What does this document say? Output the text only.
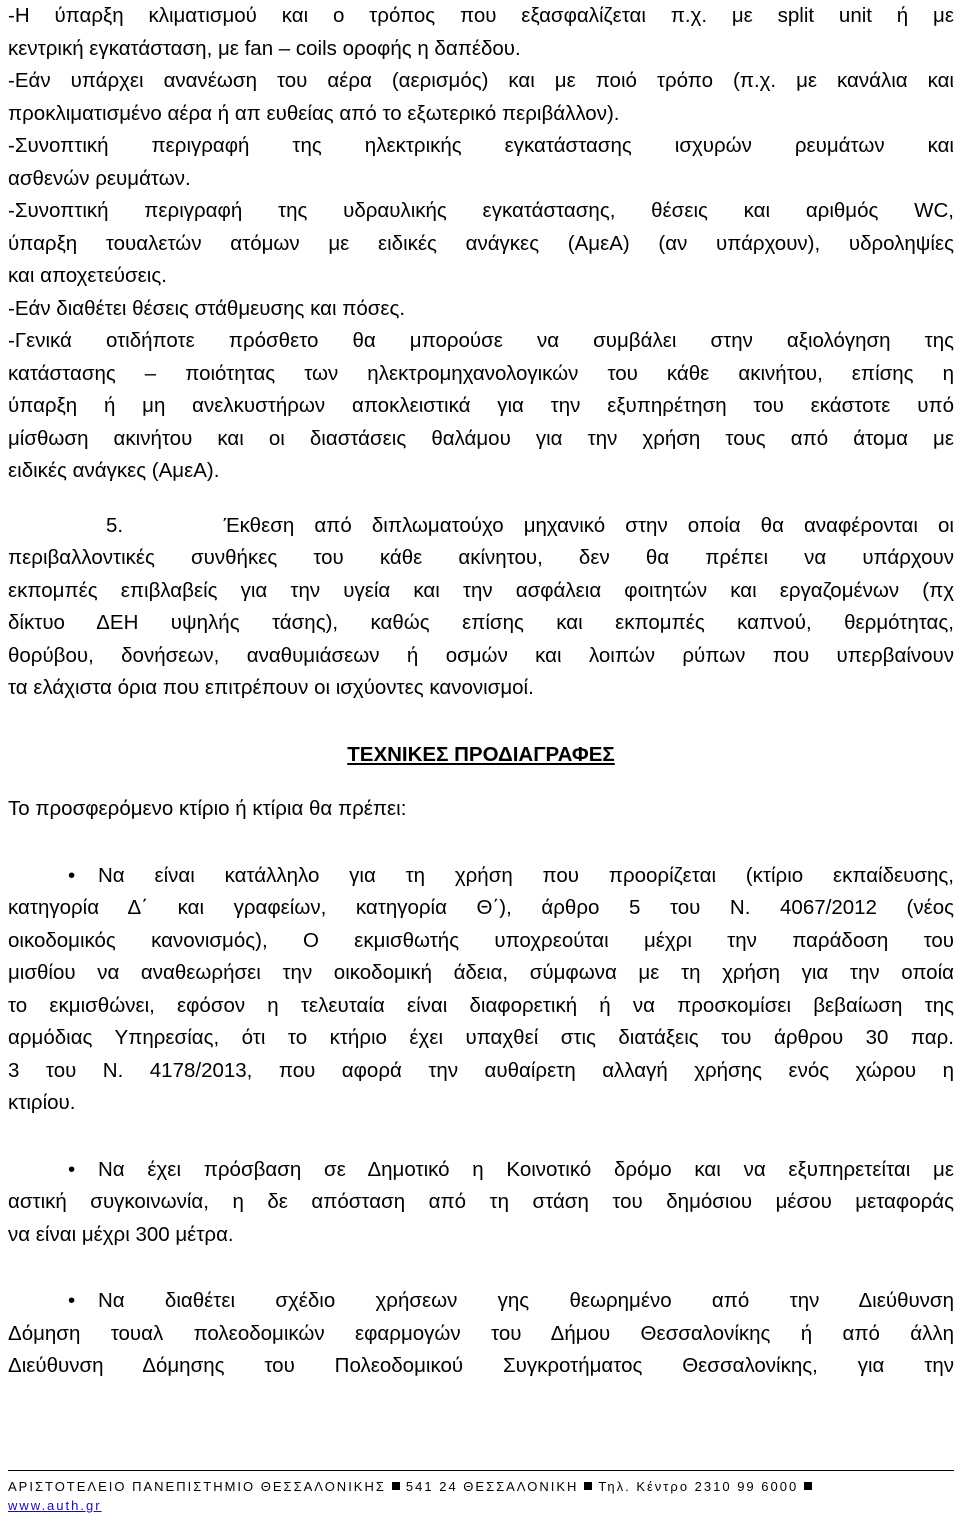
-Η ύπαρξη κλιματισμού και ο τρόπος που εξασφαλίζεται π.χ. με split unit ή με
κεντρική εγκατάσταση, με fan – coils οροφής η δαπέδου.
-Εάν υπάρχει ανανέωση του αέρα (αερισμός) και με ποιό τρόπο (π.χ. με κανάλια και
προκλιματισμένο αέρα ή απ ευθείας από το εξωτερικό περιβάλλον).
-Συνοπτική περιγραφή της ηλεκτρικής εγκατάστασης ισχυρών ρευμάτων και
ασθενών ρευμάτων.
-Συνοπτική περιγραφή της υδραυλικής εγκατάστασης, θέσεις και αριθμός WC,
ύπαρξη τουαλετών ατόμων με ειδικές ανάγκες (ΑμεΑ) (αν υπάρχουν), υδροληψίες
και αποχετεύσεις.
-Εάν διαθέτει θέσεις στάθμευσης και πόσες.
-Γενικά οτιδήποτε πρόσθετο θα μπορούσε να συμβάλει στην αξιολόγηση της
κατάστασης – ποιότητας των ηλεκτρομηχανολογικών του κάθε ακινήτου, επίσης η
ύπαρξη ή μη ανελκυστήρων αποκλειστικά για την εξυπηρέτηση του εκάστοτε υπό
μίσθωση ακινήτου και οι διαστάσεις θαλάμου για την χρήση τους από άτομα με
ειδικές ανάγκες (ΑμεΑ).
5.	Έκθεση από διπλωματούχο μηχανικό στην οποία θα αναφέρονται οι
περιβαλλοντικές συνθήκες του κάθε ακίνητου, δεν θα πρέπει να υπάρχουν
εκπομπές επιβλαβείς για την υγεία και την ασφάλεια φοιτητών και εργαζομένων (πχ
δίκτυο ΔΕΗ υψηλής τάσης), καθώς επίσης και εκπομπές καπνού, θερμότητας,
θορύβου, δονήσεων, αναθυμιάσεων ή οσμών και λοιπών ρύπων που υπερβαίνουν
τα ελάχιστα όρια που επιτρέπουν οι ισχύοντες κανονισμοί.
ΤΕΧΝΙΚΕΣ ΠΡΟΔΙΑΓΡΑΦΕΣ
Το προσφερόμενο κτίριο ή κτίρια θα πρέπει:
• Να είναι κατάλληλο για τη χρήση που προορίζεται (κτίριο εκπαίδευσης,
κατηγορία Δ΄ και γραφείων, κατηγορία Θ΄), άρθρο 5 του Ν. 4067/2012 (νέος
οικοδομικός κανονισμός), Ο εκμισθωτής υποχρεούται μέχρι την παράδοση του
μισθίου να αναθεωρήσει την οικοδομική άδεια, σύμφωνα με τη χρήση για την οποία
το εκμισθώνει, εφόσον η τελευταία είναι διαφορετική ή να προσκομίσει βεβαίωση της
αρμόδιας Υπηρεσίας, ότι το κτήριο έχει υπαχθεί στις διατάξεις του άρθρου 30 παρ.
3 του Ν. 4178/2013, που αφορά την αυθαίρετη αλλαγή χρήσης ενός χώρου η
κτιρίου.
• Να έχει πρόσβαση σε Δημοτικό η Κοινοτικό δρόμο και να εξυπηρετείται με
αστική συγκοινωνία, η δε απόσταση από τη στάση του δημόσιου μέσου μεταφοράς
να είναι μέχρι 300 μέτρα.
• Να διαθέτει σχέδιο χρήσεων γης θεωρημένο από την Διεύθυνση
Δόμηση τουαλ πολεοδομικών εφαρμογών του Δήμου Θεσσαλονίκης ή από άλλη
Διεύθυνση Δόμησης του Πολεοδομικού Συγκροτήματος Θεσσαλονίκης, για την
ΑΡΙΣΤΟΤΕΛΕΙΟ ΠΑΝΕΠΙΣΤΗΜΙΟ ΘΕΣΣΑΛΟΝΙΚΗΣ 541 24 ΘΕΣΣΑΛΟΝΙΚΗ Τηλ. Κέντρο 2310 99 6000
www.auth.gr
